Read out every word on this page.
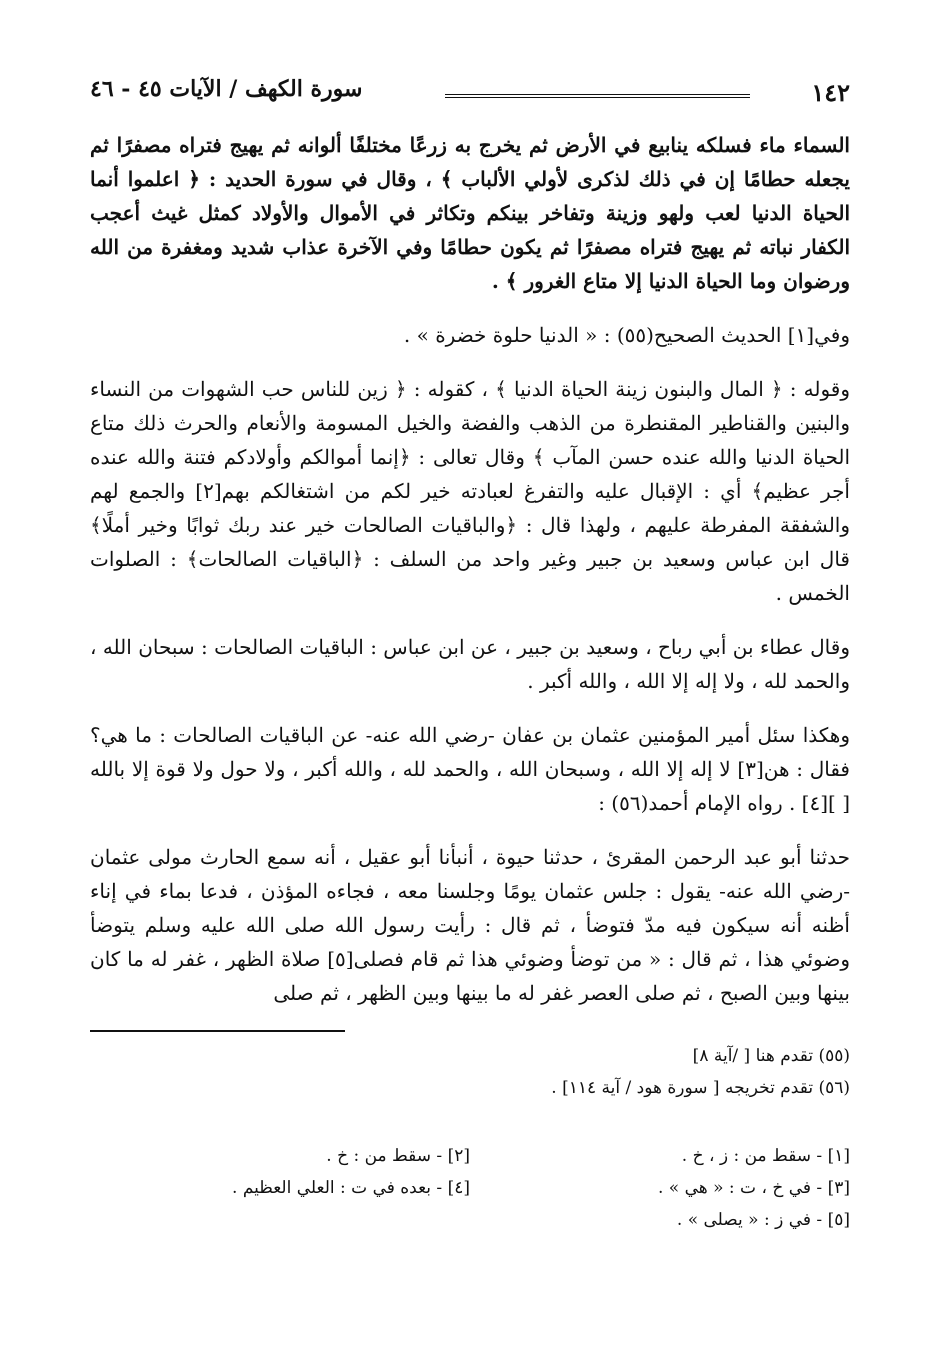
١٤٢
سورة الكهف / الآيات ٤٥ - ٤٦

السماء ماء فسلكه ينابيع في الأرض ثم يخرج به زرعًا مختلفًا ألوانه ثم يهيج فتراه مصفرًا ثم يجعله حطامًا إن في ذلك لذكرى لأولي الألباب ﴾ ، وقال في سورة الحديد : ﴿ اعلموا أنما الحياة الدنيا لعب ولهو وزينة وتفاخر بينكم وتكاثر في الأموال والأولاد كمثل غيث أعجب الكفار نباته ثم يهيج فتراه مصفرًا ثم يكون حطامًا وفي الآخرة عذاب شديد ومغفرة من الله ورضوان وما الحياة الدنيا إلا متاع الغرور ﴾ .

وفي[١] الحديث الصحيح(٥٥) : « الدنيا حلوة خضرة » .

وقوله : ﴿ المال والبنون زينة الحياة الدنيا ﴾ ، كقوله : ﴿ زين للناس حب الشهوات من النساء والبنين والقناطير المقنطرة من الذهب والفضة والخيل المسومة والأنعام والحرث ذلك متاع الحياة الدنيا والله عنده حسن المآب ﴾ وقال تعالى : ﴿إنما أموالكم وأولادكم فتنة والله عنده أجر عظيم﴾ أي : الإقبال عليه والتفرغ لعبادته خير لكم من اشتغالكم بهم[٢] والجمع لهم والشفقة المفرطة عليهم ، ولهذا قال : ﴿والباقيات الصالحات خير عند ربك ثوابًا وخير أملًا﴾ قال ابن عباس وسعيد بن جبير وغير واحد من السلف : ﴿الباقيات الصالحات﴾ : الصلوات الخمس .

وقال عطاء بن أبي رباح ، وسعيد بن جبير ، عن ابن عباس : الباقيات الصالحات : سبحان الله ، والحمد لله ، ولا إله إلا الله ، والله أكبر .

وهكذا سئل أمير المؤمنين عثمان بن عفان -رضي الله عنه- عن الباقيات الصالحات : ما هي؟ فقال : هن[٣] لا إله إلا الله ، وسبحان الله ، والحمد لله ، والله أكبر ، ولا حول ولا قوة إلا بالله [ ][٤] . رواه الإمام أحمد(٥٦) :

حدثنا أبو عبد الرحمن المقرئ ، حدثنا حيوة ، أنبأنا أبو عقيل ، أنه سمع الحارث مولى عثمان -رضي الله عنه- يقول : جلس عثمان يومًا وجلسنا معه ، فجاءه المؤذن ، فدعا بماء في إناء أظنه أنه سيكون فيه مدّ فتوضأ ، ثم قال : رأيت رسول الله صلى الله عليه وسلم يتوضأ وضوئي هذا ، ثم قال : « من توضأ وضوئي هذا ثم قام فصلى[٥] صلاة الظهر ، غفر له ما كان بينها وبين الصبح ، ثم صلى العصر غفر له ما بينها وبين الظهر ، ثم صلى

(٥٥) تقدم هنا [ /آية ٨]

(٥٦) تقدم تخريجه [ سورة هود / آية ١١٤] .

[١] - سقط من : ز ، خ .
[٢] - سقط من : خ .
[٣] - في خ ، ت : « هي » .
[٤] - بعده في ت : العلي العظيم .
[٥] - في ز : « يصلى » .
